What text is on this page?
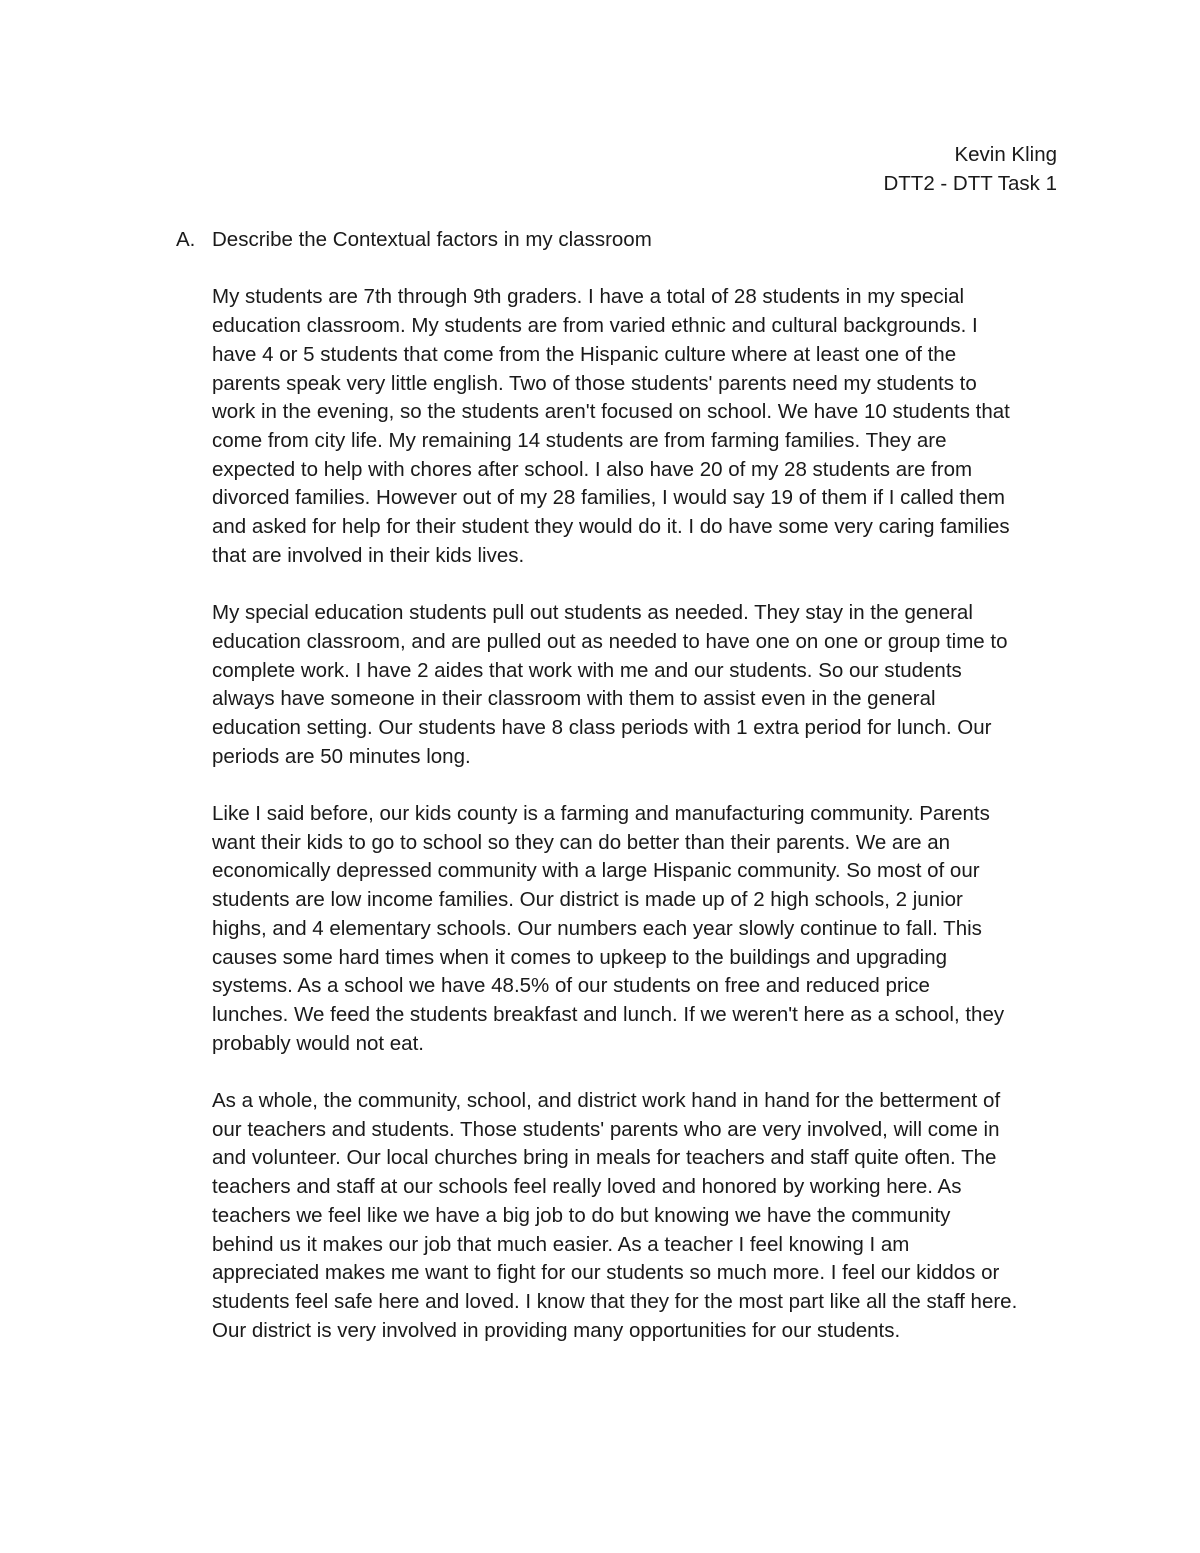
Kevin Kling
DTT2 - DTT Task 1
A. Describe the Contextual factors in my classroom

My students are 7th through 9th graders. I have a total of 28 students in my special
education classroom. My students are from varied ethnic and cultural backgrounds. I
have 4 or 5 students that come from the Hispanic culture where at least one of the
parents speak very little english. Two of those students' parents need my students to
work in the evening, so the students aren't focused on school. We have 10 students that
come from city life. My remaining 14 students are from farming families. They are
expected to help with chores after school. I also have 20 of my 28 students are from
divorced families. However out of my 28 families, I would say 19 of them if I called them
and asked for help for their student they would do it. I do have some very caring families
that are involved in their kids lives.

My special education students pull out students as needed. They stay in the general
education classroom, and are pulled out as needed to have one on one or group time to
complete work. I have 2 aides that work with me and our students. So our students
always have someone in their classroom with them to assist even in the general
education setting. Our students have 8 class periods with 1 extra period for lunch. Our
periods are 50 minutes long.

Like I said before, our kids county is a farming and manufacturing community. Parents
want their kids to go to school so they can do better than their parents. We are an
economically depressed community with a large Hispanic community. So most of our
students are low income families. Our district is made up of 2 high schools, 2 junior
highs, and 4 elementary schools. Our numbers each year slowly continue to fall. This
causes some hard times when it comes to upkeep to the buildings and upgrading
systems. As a school we have 48.5% of our students on free and reduced price
lunches. We feed the students breakfast and lunch. If we weren't here as a school, they
probably would not eat.

As a whole, the community, school, and district work hand in hand for the betterment of
our teachers and students. Those students' parents who are very involved, will come in
and volunteer. Our local churches bring in meals for teachers and staff quite often. The
teachers and staff at our schools feel really loved and honored by working here. As
teachers we feel like we have a big job to do but knowing we have the community
behind us it makes our job that much easier. As a teacher I feel knowing I am
appreciated makes me want to fight for our students so much more. I feel our kiddos or
students feel safe here and loved. I know that they for the most part like all the staff here.
Our district is very involved in providing many opportunities for our students.
